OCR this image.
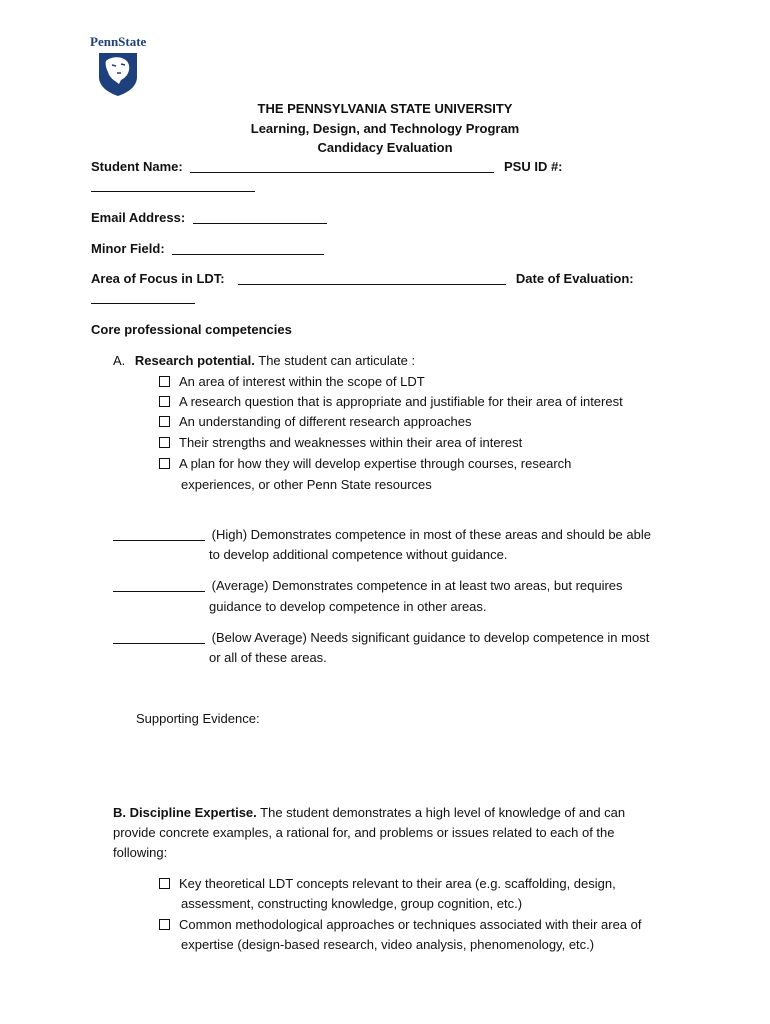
PennState
THE PENNSYLVANIA STATE UNIVERSITY
Learning, Design, and Technology Program
Candidacy Evaluation
Student Name:	PSU ID #:
Email Address:
Minor Field:
Area of Focus in LDT:	Date of Evaluation:
Core professional competencies
A. Research potential. The student can articulate :
An area of interest within the scope of LDT
A research question that is appropriate and justifiable for their area of interest
An understanding of different research approaches
Their strengths and weaknesses within their area of interest
A plan for how they will develop expertise through courses, research
experiences, or other Penn State resources
(High) Demonstrates competence in most of these areas and should be able
to develop additional competence without guidance.
(Average) Demonstrates competence in at least two areas, but requires
guidance to develop competence in other areas.
(Below Average) Needs significant guidance to develop competence in most
or all of these areas.
Supporting Evidence:
B. Discipline Expertise. The student demonstrates a high level of knowledge of and can
provide concrete examples, a rational for, and problems or issues related to each of the
following:
Key theoretical LDT concepts relevant to their area (e.g. scaffolding, design,
assessment, constructing knowledge, group cognition, etc.)
Common methodological approaches or techniques associated with their area of
expertise (design-based research, video analysis, phenomenology, etc.)
